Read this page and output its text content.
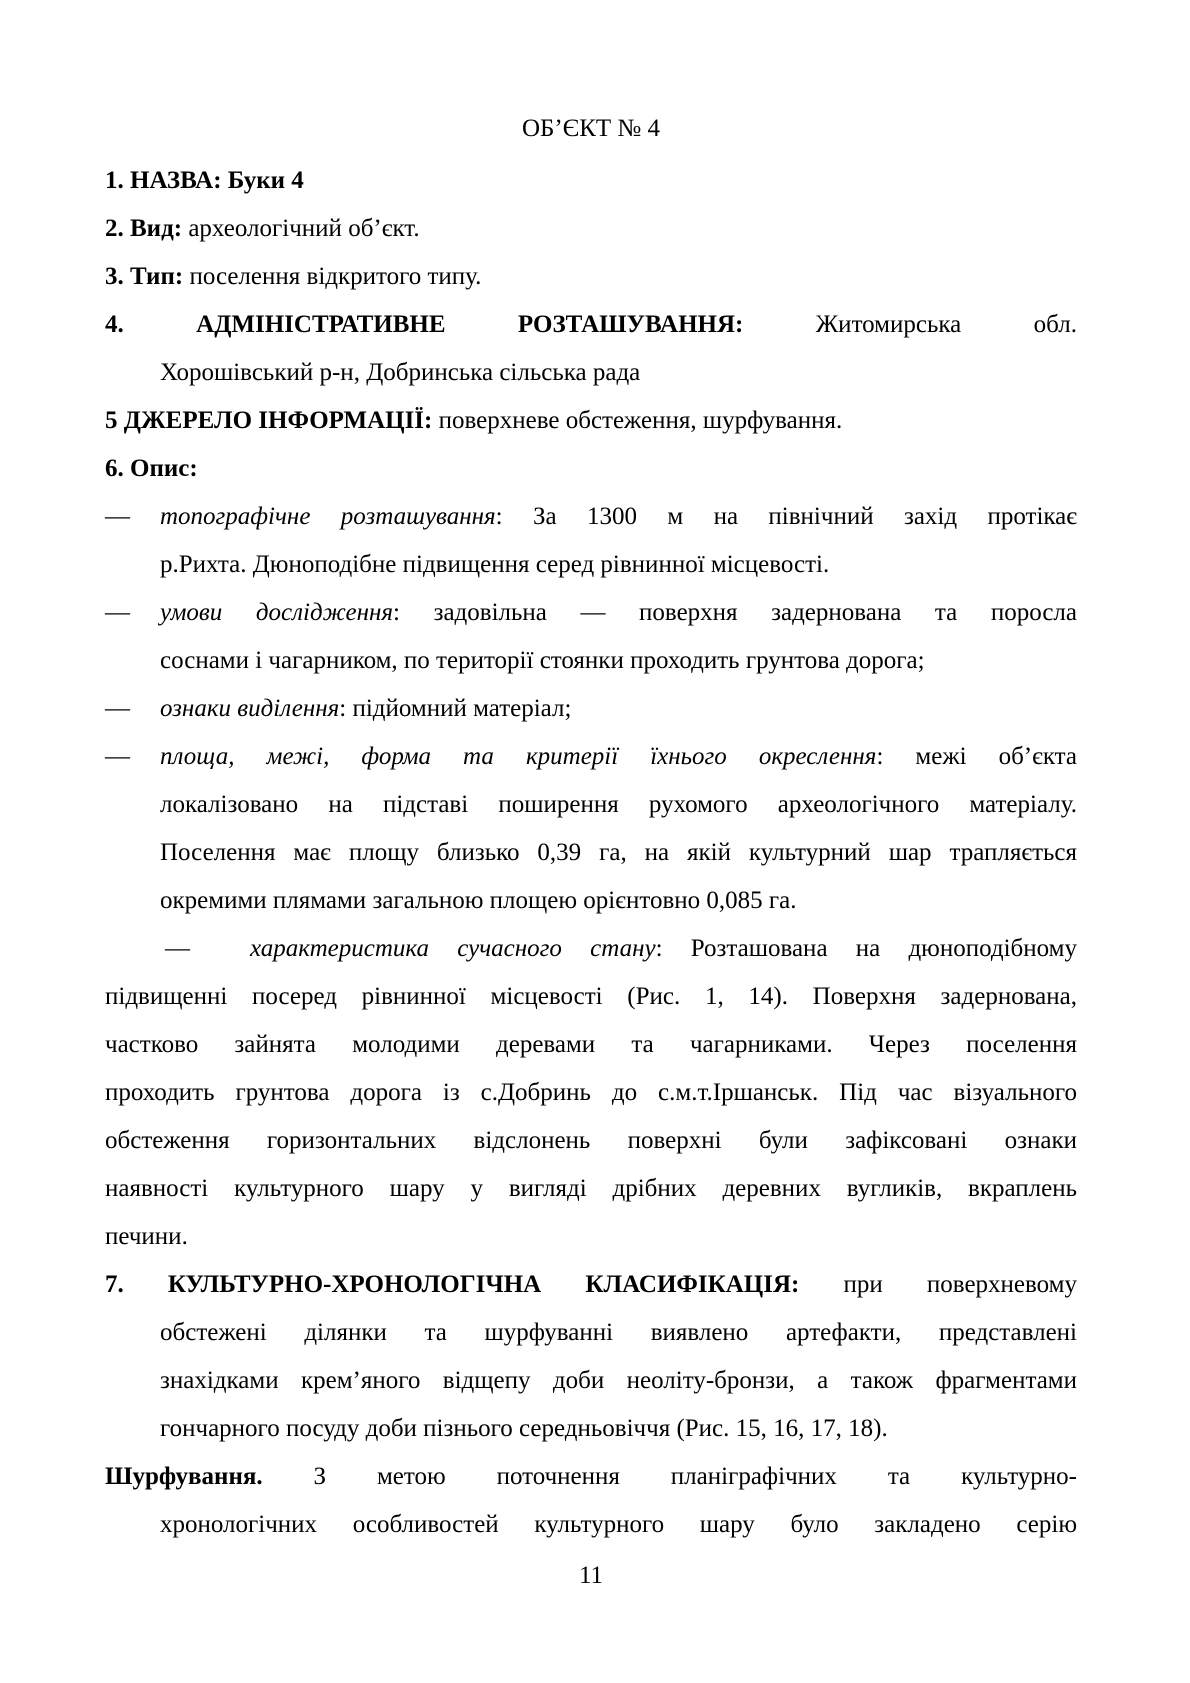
ОБ’ЄКТ № 4
1. НАЗВА: Буки 4
2. Вид: археологічний об’єкт.
3. Тип: поселення відкритого типу.
4. АДМІНІСТРАТИВНЕ РОЗТАШУВАННЯ: Житомирська обл.
Хорошівський р-н, Добринська сільська рада
5 ДЖЕРЕЛО ІНФОРМАЦІЇ: поверхневе обстеження, шурфування.
6. Опис:
— топографічне розташування: За 1300 м на північний захід протікає
р.Рихта. Дюноподібне підвищення серед рівнинної місцевості.
— умови дослідження: задовільна — поверхня задернована та поросла
соснами і чагарником, по території стоянки проходить грунтова дорога;
— ознаки виділення: підйомний матеріал;
— площа, межі, форма та критерії їхнього окреслення: межі об’єкта
локалізовано на підставі поширення рухомого археологічного матеріалу.
Поселення має площу близько 0,39 га, на якій культурний шар трапляється
окремими плямами загальною площею орієнтовно 0,085 га.
— характеристика сучасного стану: Розташована на дюноподібному
підвищенні посеред рівнинної місцевості (Рис. 1, 14). Поверхня задернована,
частково зайнята молодими деревами та чагарниками. Через поселення
проходить грунтова дорога із с.Добринь до с.м.т.Іршанськ. Під час візуального
обстеження горизонтальних відслонень поверхні були зафіксовані ознаки
наявності культурного шару у вигляді дрібних деревних вугликів, вкраплень
печини.
7. КУЛЬТУРНО-ХРОНОЛОГІЧНА КЛАСИФІКАЦІЯ: при поверхневому
обстежені ділянки та шурфуванні виявлено артефакти, представлені
знахідками крем’яного відщепу доби неоліту-бронзи, а також фрагментами
гончарного посуду доби пізнього середньовіччя (Рис. 15, 16, 17, 18).
Шурфування. З метою поточнення планіграфічних та культурно-
хронологічних особливостей культурного шару було закладено серію
11
